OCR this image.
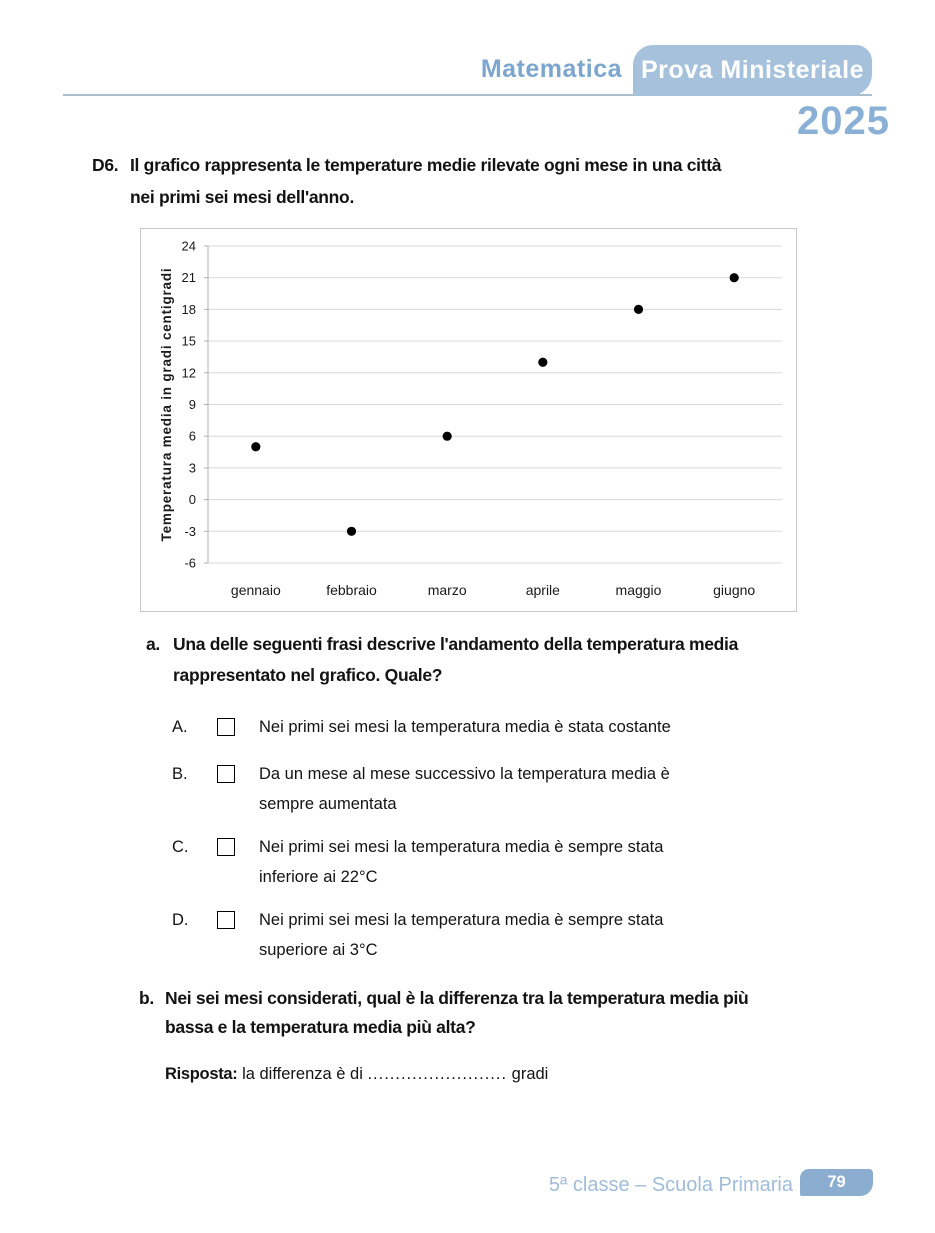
Matematica Prova Ministeriale
2025
D6. Il grafico rappresenta le temperature medie rilevate ogni mese in una città
nei primi sei mesi dell'anno.
-6
-3
0
3
6
9
12
15
18
21
24
gennaio	febbraio	marzo	aprile	maggio	giugno
Temperatura media in gradi centigradi
a. Una delle seguenti frasi descrive l'andamento della temperatura media
rappresentato nel grafico. Quale?
A.	Nei primi sei mesi la temperatura media è stata costante
B.	Da un mese al mese successivo la temperatura media è
sempre aumentata
C.	Nei primi sei mesi la temperatura media è sempre stata
inferiore ai 22°C
D.	Nei primi sei mesi la temperatura media è sempre stata
superiore ai 3°C
b. Nei sei mesi considerati, qual è la differenza tra la temperatura media più
bassa e la temperatura media più alta?
Risposta: la differenza è di ......................... gradi
5ª classe – Scuola Primaria 79
